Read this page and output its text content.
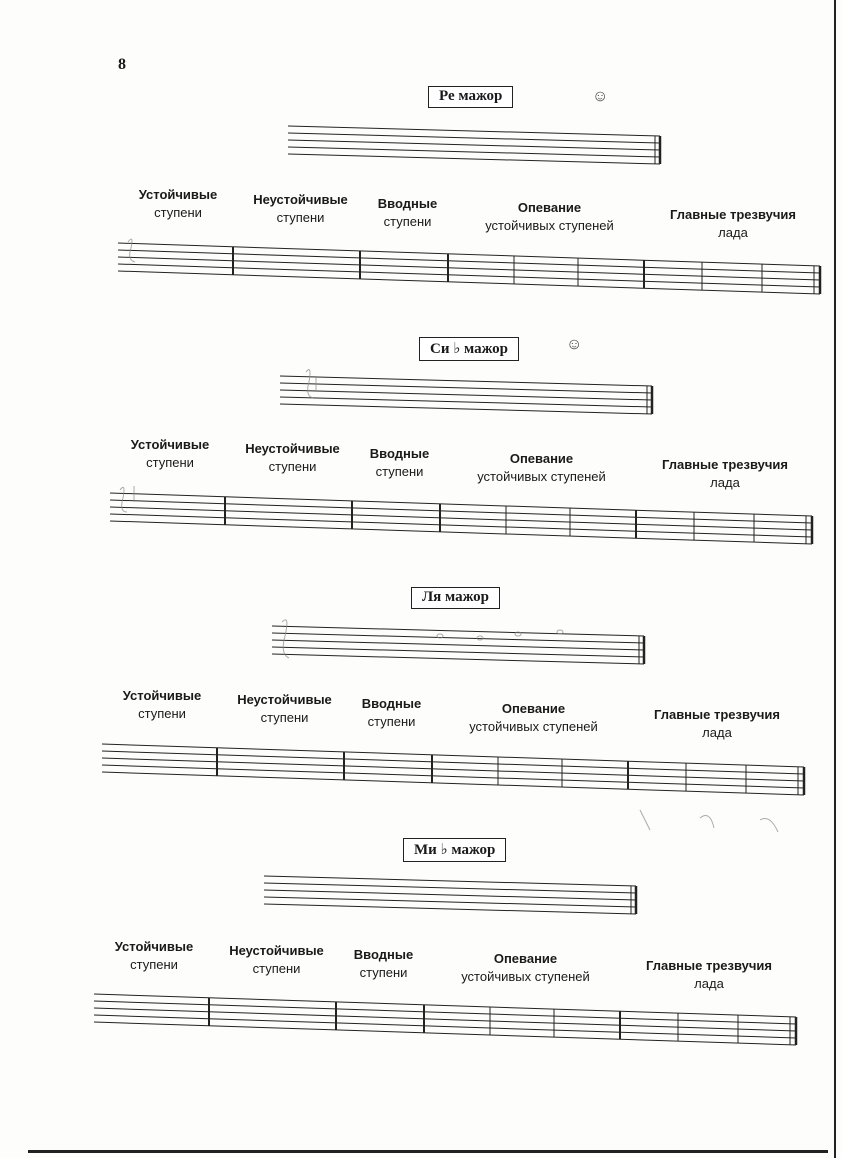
8
Ре мажор
Си ♭ мажор
Ля мажор
Ми ♭ мажор
Устойчивые
ступени
Неустойчивые
ступени
Вводные
ступени
Опевание
устойчивых ступеней
Главные трезвучия
лада
Устойчивые
ступени
Неустойчивые
ступени
Вводные
ступени
Опевание
устойчивых ступеней
Главные трезвучия
лада
Устойчивые
ступени
Неустойчивые
ступени
Вводные
ступени
Опевание
устойчивых ступеней
Главные трезвучия
лада
Устойчивые
ступени
Неустойчивые
ступени
Вводные
ступени
Опевание
устойчивых ступеней
Главные трезвучия
лада
☺
☺
